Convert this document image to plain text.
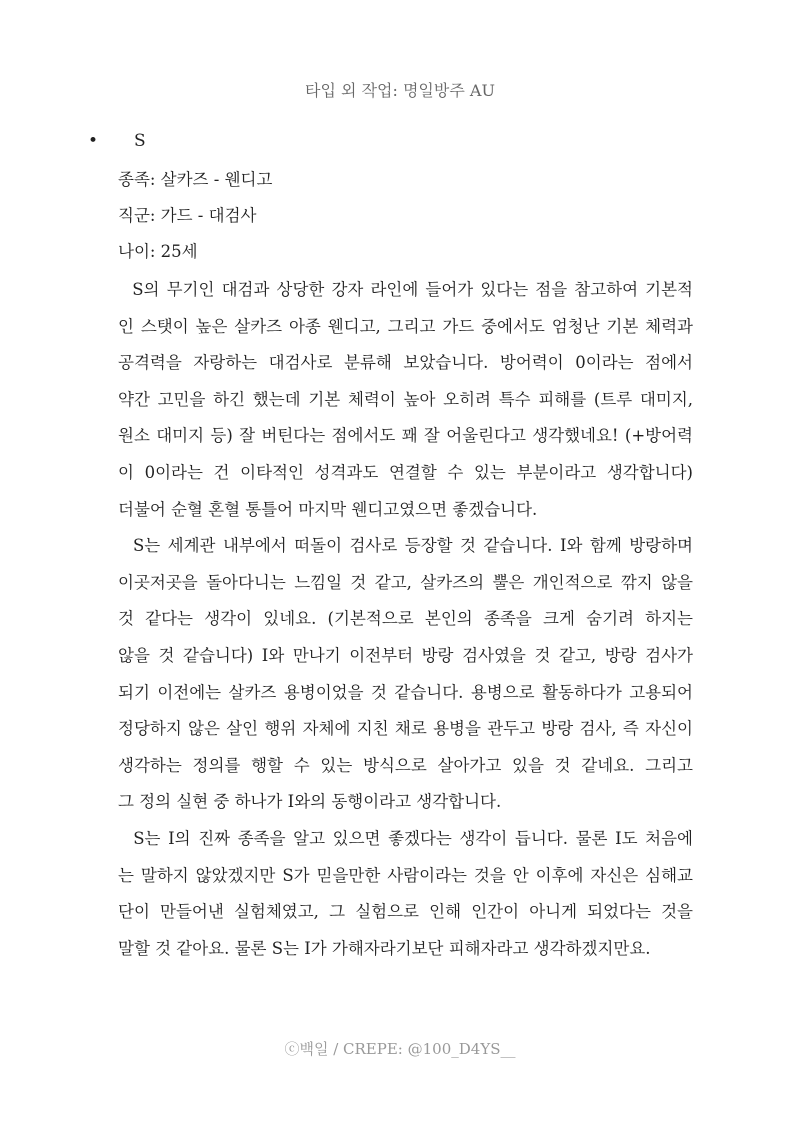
타입 외 작업: 명일방주 AU
• S
종족: 살카즈 - 웬디고
직군: 가드 - 대검사
나이: 25세
S의 무기인 대검과 상당한 강자 라인에 들어가 있다는 점을 참고하여 기본적
인 스탯이 높은 살카즈 아종 웬디고, 그리고 가드 중에서도 엄청난 기본 체력과
공격력을 자랑하는 대검사로 분류해 보았습니다. 방어력이 0이라는 점에서
약간 고민을 하긴 했는데 기본 체력이 높아 오히려 특수 피해를 (트루 대미지,
원소 대미지 등) 잘 버틴다는 점에서도 꽤 잘 어울린다고 생각했네요! (+방어력
이 0이라는 건 이타적인 성격과도 연결할 수 있는 부분이라고 생각합니다)
더불어 순혈 혼혈 통틀어 마지막 웬디고였으면 좋겠습니다.
S는 세계관 내부에서 떠돌이 검사로 등장할 것 같습니다. I와 함께 방랑하며
이곳저곳을 돌아다니는 느낌일 것 같고, 살카즈의 뿔은 개인적으로 깎지 않을
것 같다는 생각이 있네요. (기본적으로 본인의 종족을 크게 숨기려 하지는
않을 것 같습니다) I와 만나기 이전부터 방랑 검사였을 것 같고, 방랑 검사가
되기 이전에는 살카즈 용병이었을 것 같습니다. 용병으로 활동하다가 고용되어
정당하지 않은 살인 행위 자체에 지친 채로 용병을 관두고 방랑 검사, 즉 자신이
생각하는 정의를 행할 수 있는 방식으로 살아가고 있을 것 같네요. 그리고
그 정의 실현 중 하나가 I와의 동행이라고 생각합니다.
S는 I의 진짜 종족을 알고 있으면 좋겠다는 생각이 듭니다. 물론 I도 처음에
는 말하지 않았겠지만 S가 믿을만한 사람이라는 것을 안 이후에 자신은 심해교
단이 만들어낸 실험체였고, 그 실험으로 인해 인간이 아니게 되었다는 것을
말할 것 같아요. 물론 S는 I가 가해자라기보단 피해자라고 생각하겠지만요.
ⓒ백일 / CREPE: @100_D4YS__
